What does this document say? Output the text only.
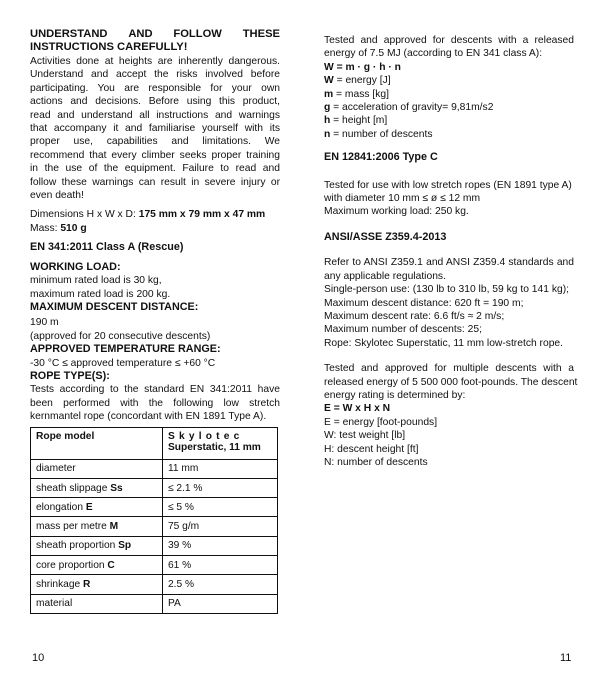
UNDERSTAND AND FOLLOW THESE

INSTRUCTIONS CAREFULLY!

Activities done at heights are inherently dangerous.

Understand and accept the risks involved before

participating. You are responsible for your own

actions and decisions. Before using this product,

read and understand all instructions and warnings

that accompany it and familiarise yourself with its

proper use, capabilities and limitations. We

recommend that every climber seeks proper training

in the use of the equipment. Failure to read and

follow these warnings can result in severe injury or

even death!

Dimensions H x W x D: 175 mm x 79 mm x 47 mm

Mass: 510 g

EN 341:2011 Class A (Rescue)

WORKING LOAD:

minimum rated load is 30 kg,

maximum rated load is 200 kg.

MAXIMUM DESCENT DISTANCE:

190 m

(approved for 20 consecutive descents)

APPROVED TEMPERATURE RANGE:

-30 °C ≤ approved temperature ≤ +60 °C

ROPE TYPE(S):

Tests according to the standard EN 341:2011 have

been performed with the following low stretch

kernmantel rope (concordant with EN 1891 Type A).

Rope model	Skylotec
Superstatic, 11 mm

diameter	11 mm
sheath slippage Ss	≤ 2.1 %
elongation E	≤ 5 %
mass per metre M	75 g/m
sheath proportion Sp	39 %
core proportion C	61 %
shrinkage R	2.5 %
material	PA
10

Tested and approved for descents with a released

energy of 7.5 MJ (according to EN 341 class A):

W = m · g · h · n

W = energy [J]

m = mass [kg]

g = acceleration of gravity= 9,81m/s2

h = height [m]

n = number of descents

EN 12841:2006 Type C

Tested for use with low stretch ropes (EN 1891 type A)

with diameter 10 mm ≤ ø ≤ 12 mm

Maximum working load: 250 kg.

ANSI/ASSE Z359.4-2013

Refer to ANSI Z359.1 and ANSI Z359.4 standards and

any applicable regulations.

Single-person use: (130 lb to 310 lb, 59 kg to 141 kg);

Maximum descent distance: 620 ft = 190 m;

Maximum descent rate: 6.6 ft/s ≈ 2 m/s;

Maximum number of descents: 25;

Rope: Skylotec Superstatic, 11 mm low-stretch rope.

Tested and approved for multiple descents with a

released energy of 5 500 000 foot-pounds. The descent

energy rating is determined by:

E = W x H x N

E = energy [foot-pounds]

W: test weight [lb]

H: descent height [ft]

N: number of descents

11
